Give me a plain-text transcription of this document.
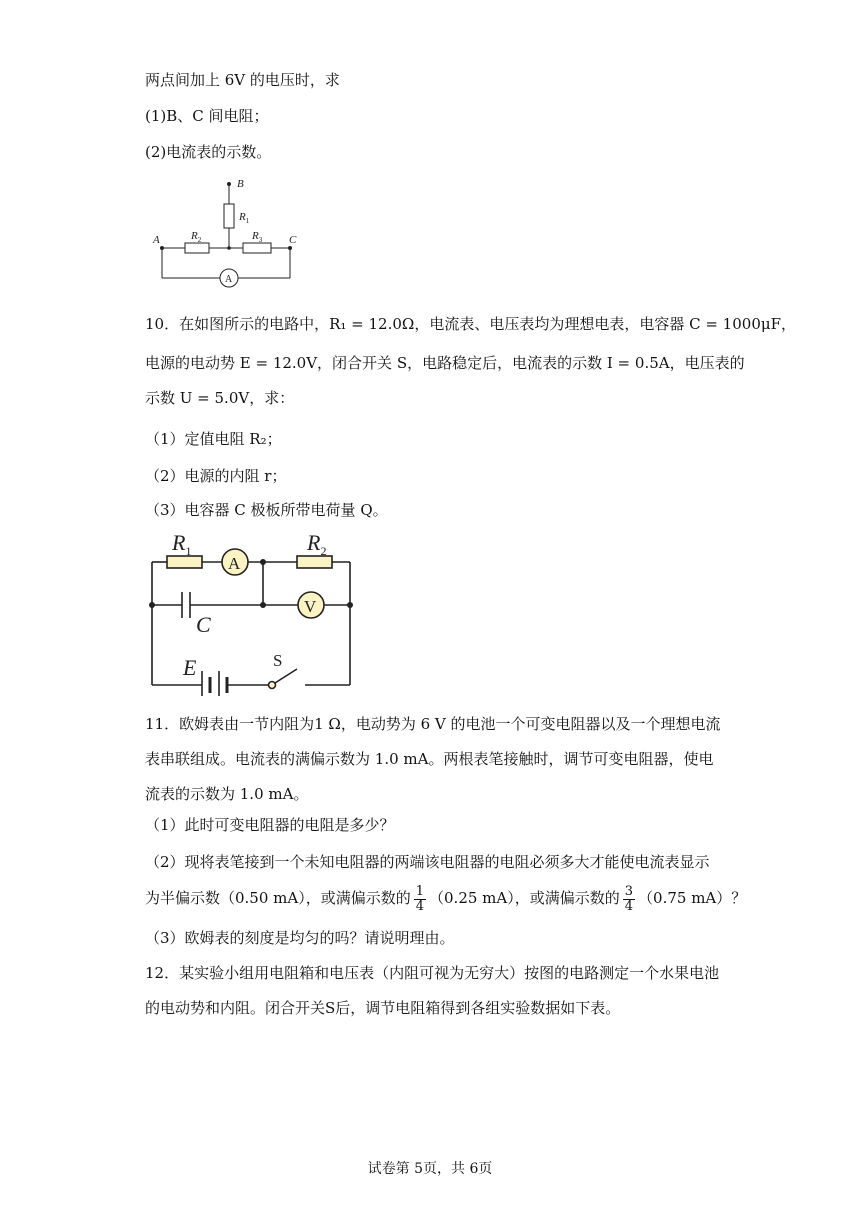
两点间加上 6V 的电压时，求
(1)B、C 间电阻；
(2)电流表的示数。
B
$R_1$
A	$R_2$	$R_3$ C
A
10．在如图所示的电路中，R₁ = 12.0Ω，电流表、电压表均为理想电表，电容器 C = 1000μF，
电源的电动势 E = 12.0V，闭合开关 S，电路稳定后，电流表的示数 I = 0.5A，电压表的
示数 U = 5.0V，求：
（1）定值电阻 R₂；
（2）电源的内阻 r；
（3）电容器 C 极板所带电荷量 Q。
$R_1$	$R_2$
C
E	S
A
V
11．欧姆表由一节内阻为1 Ω，电动势为 6 V 的电池一个可变电阻器以及一个理想电流
表串联组成。电流表的满偏示数为 1.0 mA。两根表笔接触时，调节可变电阻器，使电
流表的示数为 1.0 mA。
（1）此时可变电阻器的电阻是多少？
（2）现将表笔接到一个未知电阻器的两端该电阻器的电阻必须多大才能使电流表显示
为半偏示数（0.50 mA），或满偏示数的 $\frac{1}{4} (0.25$ mA），或满偏示数的 $\frac{3}{4} (0.75$ mA）？
（3）欧姆表的刻度是均匀的吗？请说明理由。
12．某实验小组用电阻箱和电压表（内阻可视为无穷大）按图的电路测定一个水果电池
的电动势和内阻。闭合开关S后，调节电阻箱得到各组实验数据如下表。
试卷第 5页，共 6页
